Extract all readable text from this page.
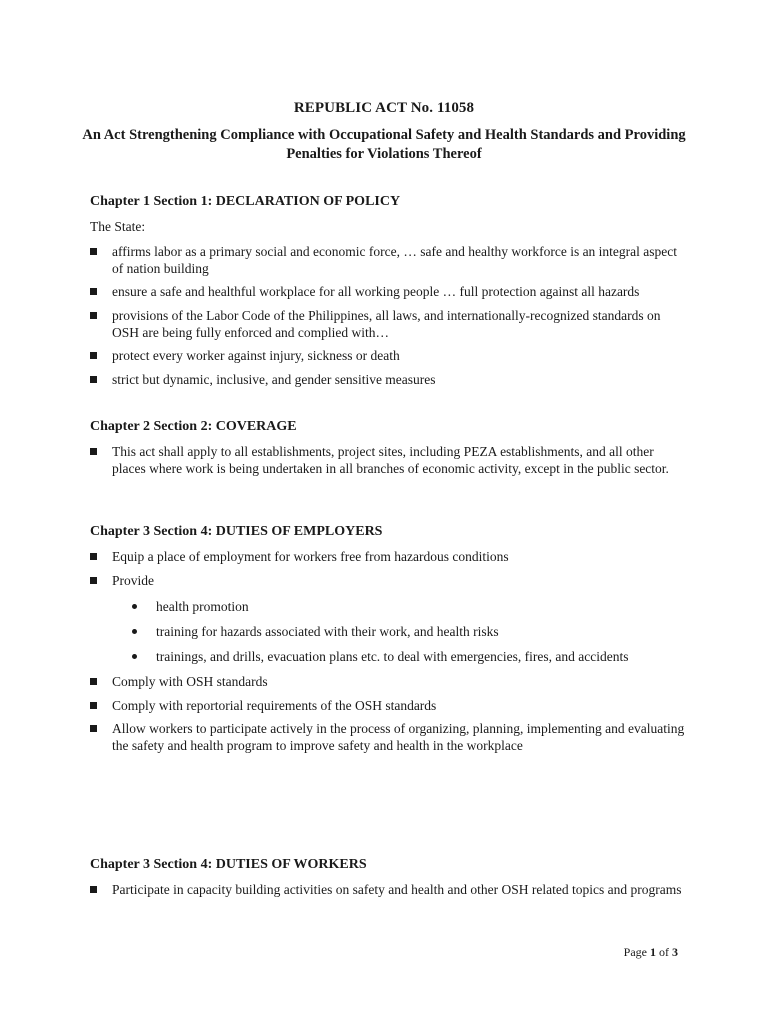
REPUBLIC ACT No. 11058
An Act Strengthening Compliance with Occupational Safety and Health Standards and Providing Penalties for Violations Thereof
Chapter 1 Section 1: DECLARATION OF POLICY
The State:
affirms labor as a primary social and economic force, … safe and healthy workforce is an integral aspect of nation building
ensure a safe and healthful workplace for all working people … full protection against all hazards
provisions of the Labor Code of the Philippines, all laws, and internationally-recognized standards on OSH are being fully enforced and complied with…
protect every worker against injury, sickness or death
strict but dynamic, inclusive, and gender sensitive measures
Chapter 2 Section 2: COVERAGE
This act shall apply to all establishments, project sites, including PEZA establishments, and all other places where work is being undertaken in all branches of economic activity, except in the public sector.
Chapter 3 Section 4: DUTIES OF EMPLOYERS
Equip a place of employment for workers free from hazardous conditions
Provide
health promotion
training for hazards associated with their work, and health risks
trainings, and drills, evacuation plans etc. to deal with emergencies, fires, and accidents
Comply with OSH standards
Comply with reportorial requirements of the OSH standards
Allow workers to participate actively in the process of organizing, planning, implementing and evaluating the safety and health program to improve safety and health in the workplace
Chapter 3 Section 4: DUTIES OF WORKERS
Participate in capacity building activities on safety and health and other OSH related topics and programs
Page 1 of 3
